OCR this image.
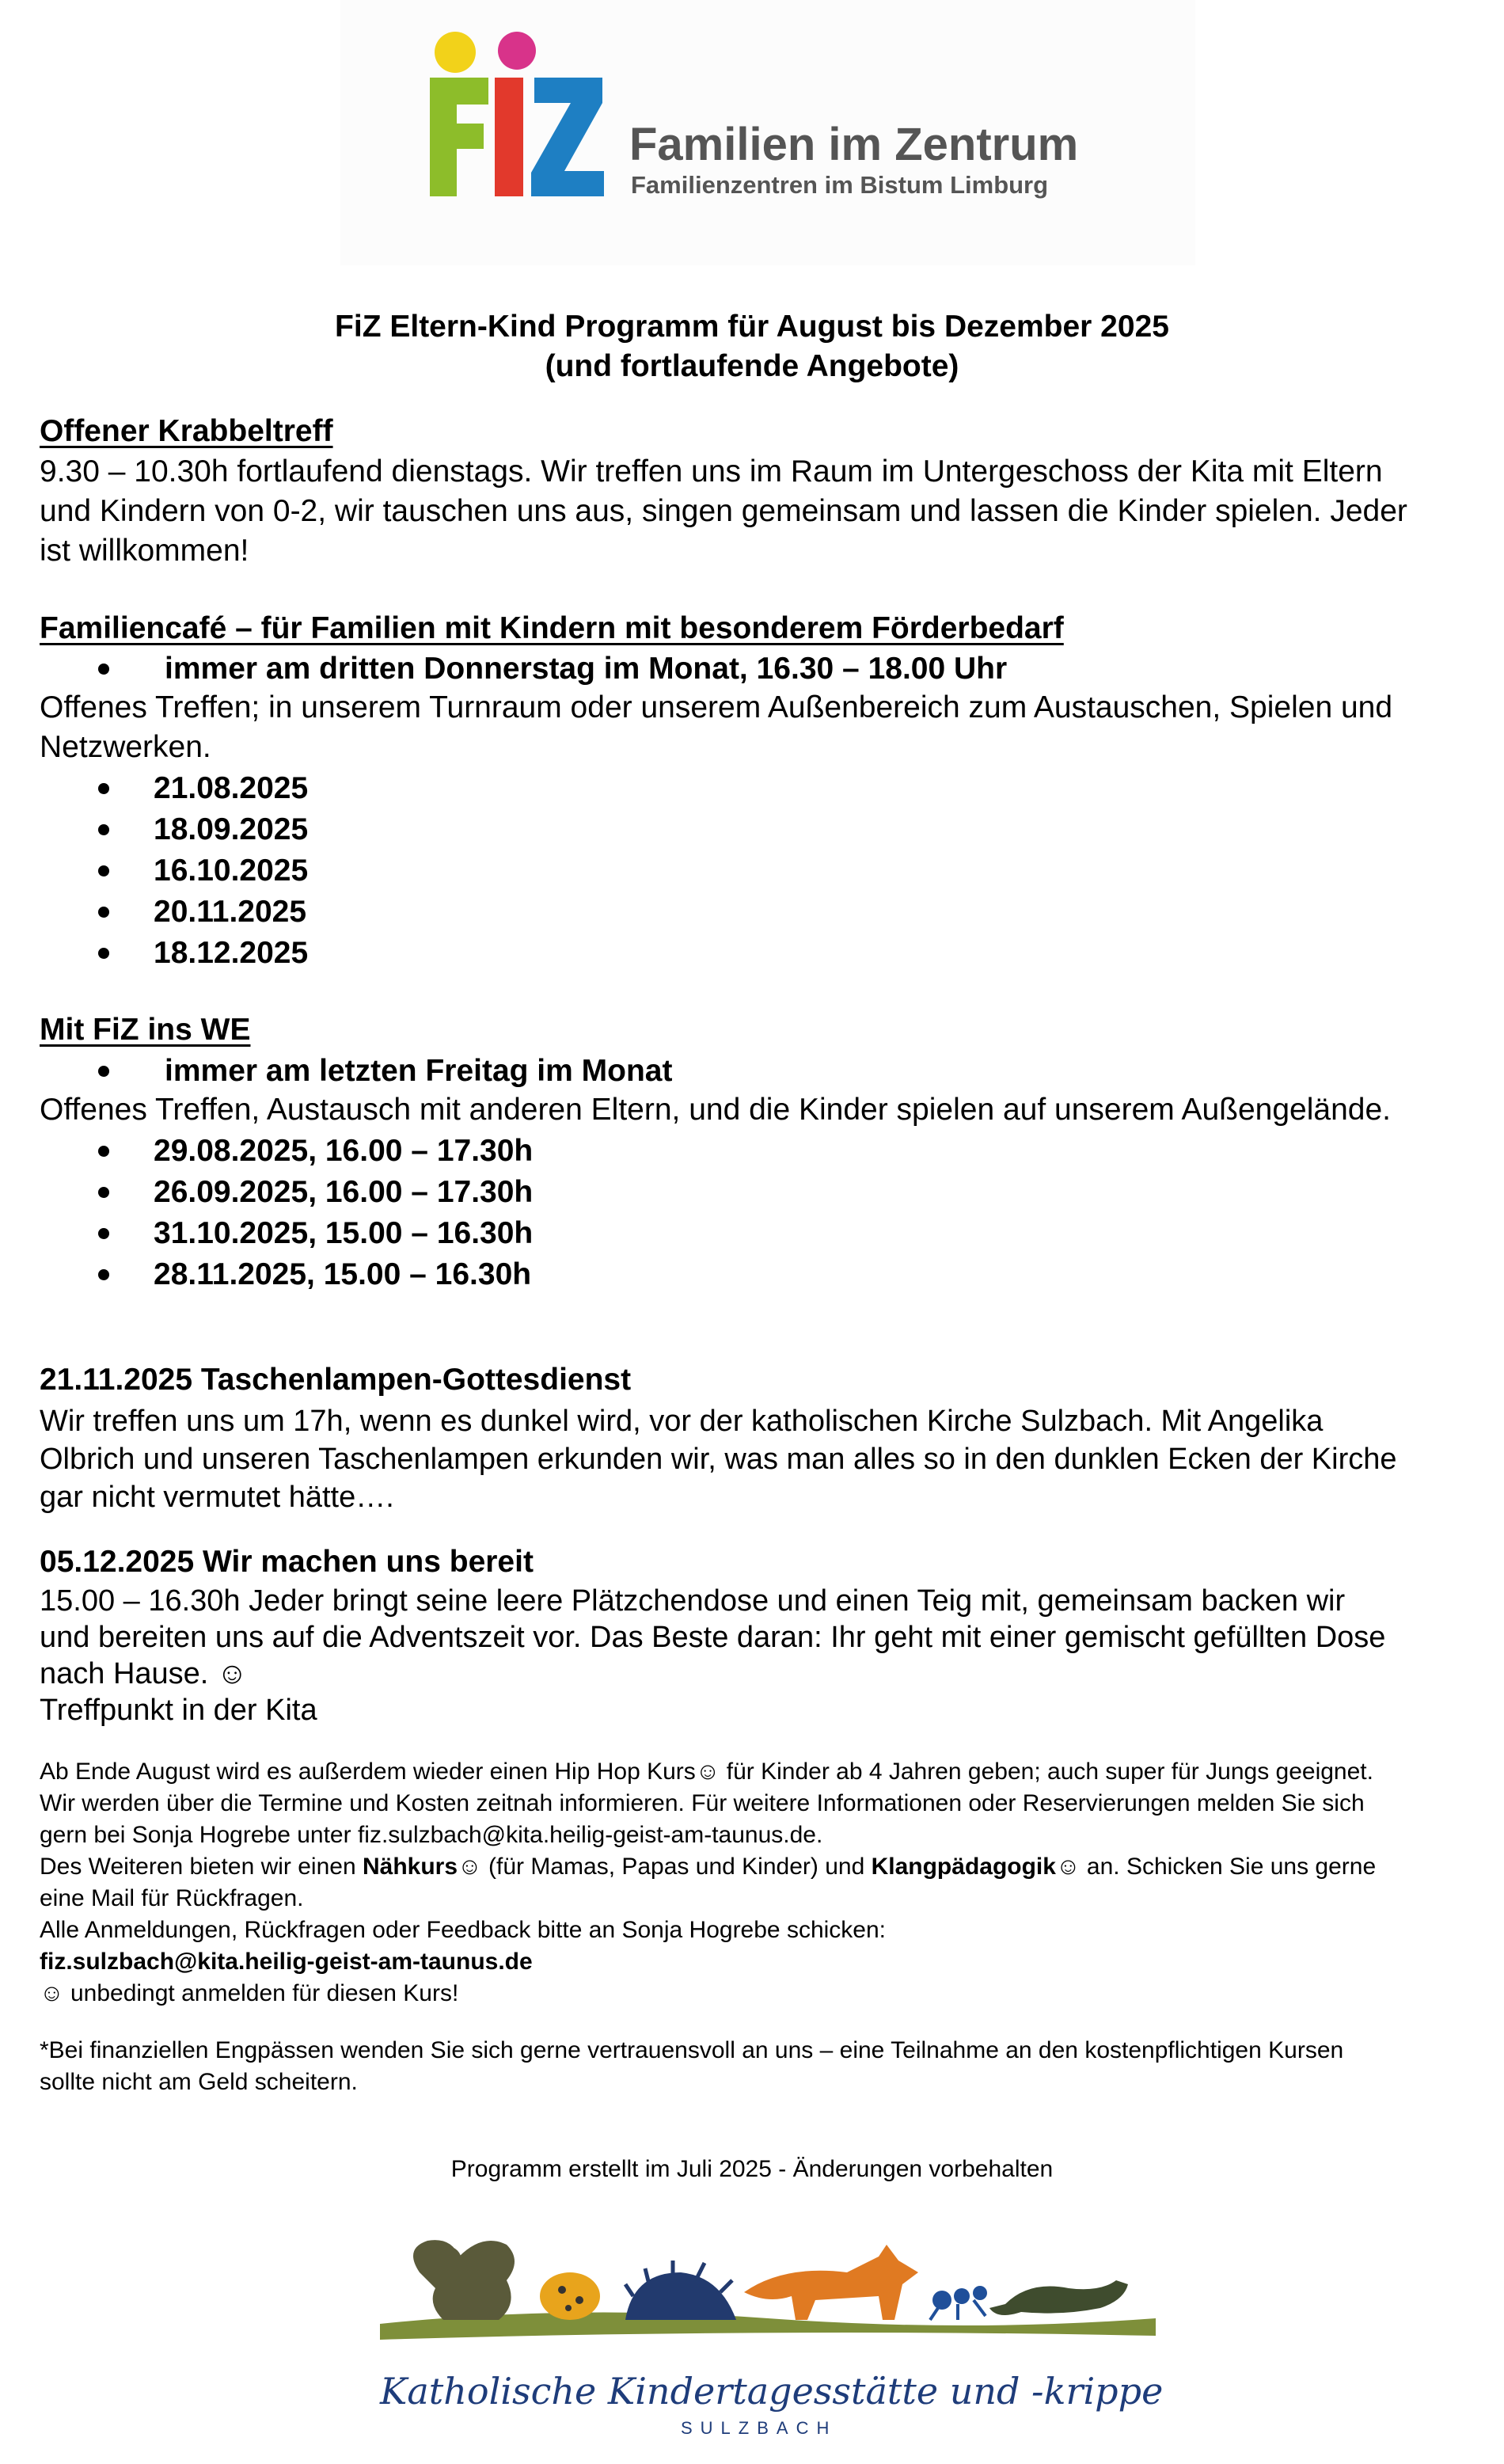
Familien im Zentrum
Familienzentren im Bistum Limburg
FiZ Eltern-Kind Programm für August bis Dezember 2025
(und fortlaufende Angebote)
Offener Krabbeltreff
9.30 – 10.30h fortlaufend dienstags. Wir treffen uns im Raum im Untergeschoss der Kita mit Eltern
und Kindern von 0-2, wir tauschen uns aus, singen gemeinsam und lassen die Kinder spielen. Jeder
ist willkommen!
Familiencafé – für Familien mit Kindern mit besonderem Förderbedarf
immer am dritten Donnerstag im Monat, 16.30 – 18.00 Uhr
Offenes Treffen; in unserem Turnraum oder unserem Außenbereich zum Austauschen, Spielen und
Netzwerken.
21.08.2025
18.09.2025
16.10.2025
20.11.2025
18.12.2025
Mit FiZ ins WE
immer am letzten Freitag im Monat
Offenes Treffen, Austausch mit anderen Eltern, und die Kinder spielen auf unserem Außengelände.
29.08.2025, 16.00 – 17.30h
26.09.2025, 16.00 – 17.30h
31.10.2025, 15.00 – 16.30h
28.11.2025, 15.00 – 16.30h
21.11.2025 Taschenlampen-Gottesdienst
Wir treffen uns um 17h, wenn es dunkel wird, vor der katholischen Kirche Sulzbach. Mit Angelika
Olbrich und unseren Taschenlampen erkunden wir, was man alles so in den dunklen Ecken der Kirche
gar nicht vermutet hätte….
05.12.2025 Wir machen uns bereit
15.00 – 16.30h Jeder bringt seine leere Plätzchendose und einen Teig mit, gemeinsam backen wir
und bereiten uns auf die Adventszeit vor. Das Beste daran: Ihr geht mit einer gemischt gefüllten Dose
nach Hause. ☺
Treffpunkt in der Kita
Ab Ende August wird es außerdem wieder einen Hip Hop Kurs☺ für Kinder ab 4 Jahren geben; auch super für Jungs geeignet.
Wir werden über die Termine und Kosten zeitnah informieren. Für weitere Informationen oder Reservierungen melden Sie sich
gern bei Sonja Hogrebe unter fiz.sulzbach@kita.heilig-geist-am-taunus.de.
Des Weiteren bieten wir einen Nähkurs☺ (für Mamas, Papas und Kinder) und Klangpädagogik☺ an. Schicken Sie uns gerne
eine Mail für Rückfragen.
Alle Anmeldungen, Rückfragen oder Feedback bitte an Sonja Hogrebe schicken:
fiz.sulzbach@kita.heilig-geist-am-taunus.de
☺ unbedingt anmelden für diesen Kurs!
*Bei finanziellen Engpässen wenden Sie sich gerne vertrauensvoll an uns – eine Teilnahme an den kostenpflichtigen Kursen
sollte nicht am Geld scheitern.
Programm erstellt im Juli 2025 - Änderungen vorbehalten
Katholische Kindertagesstätte und -krippe
SULZBACH
